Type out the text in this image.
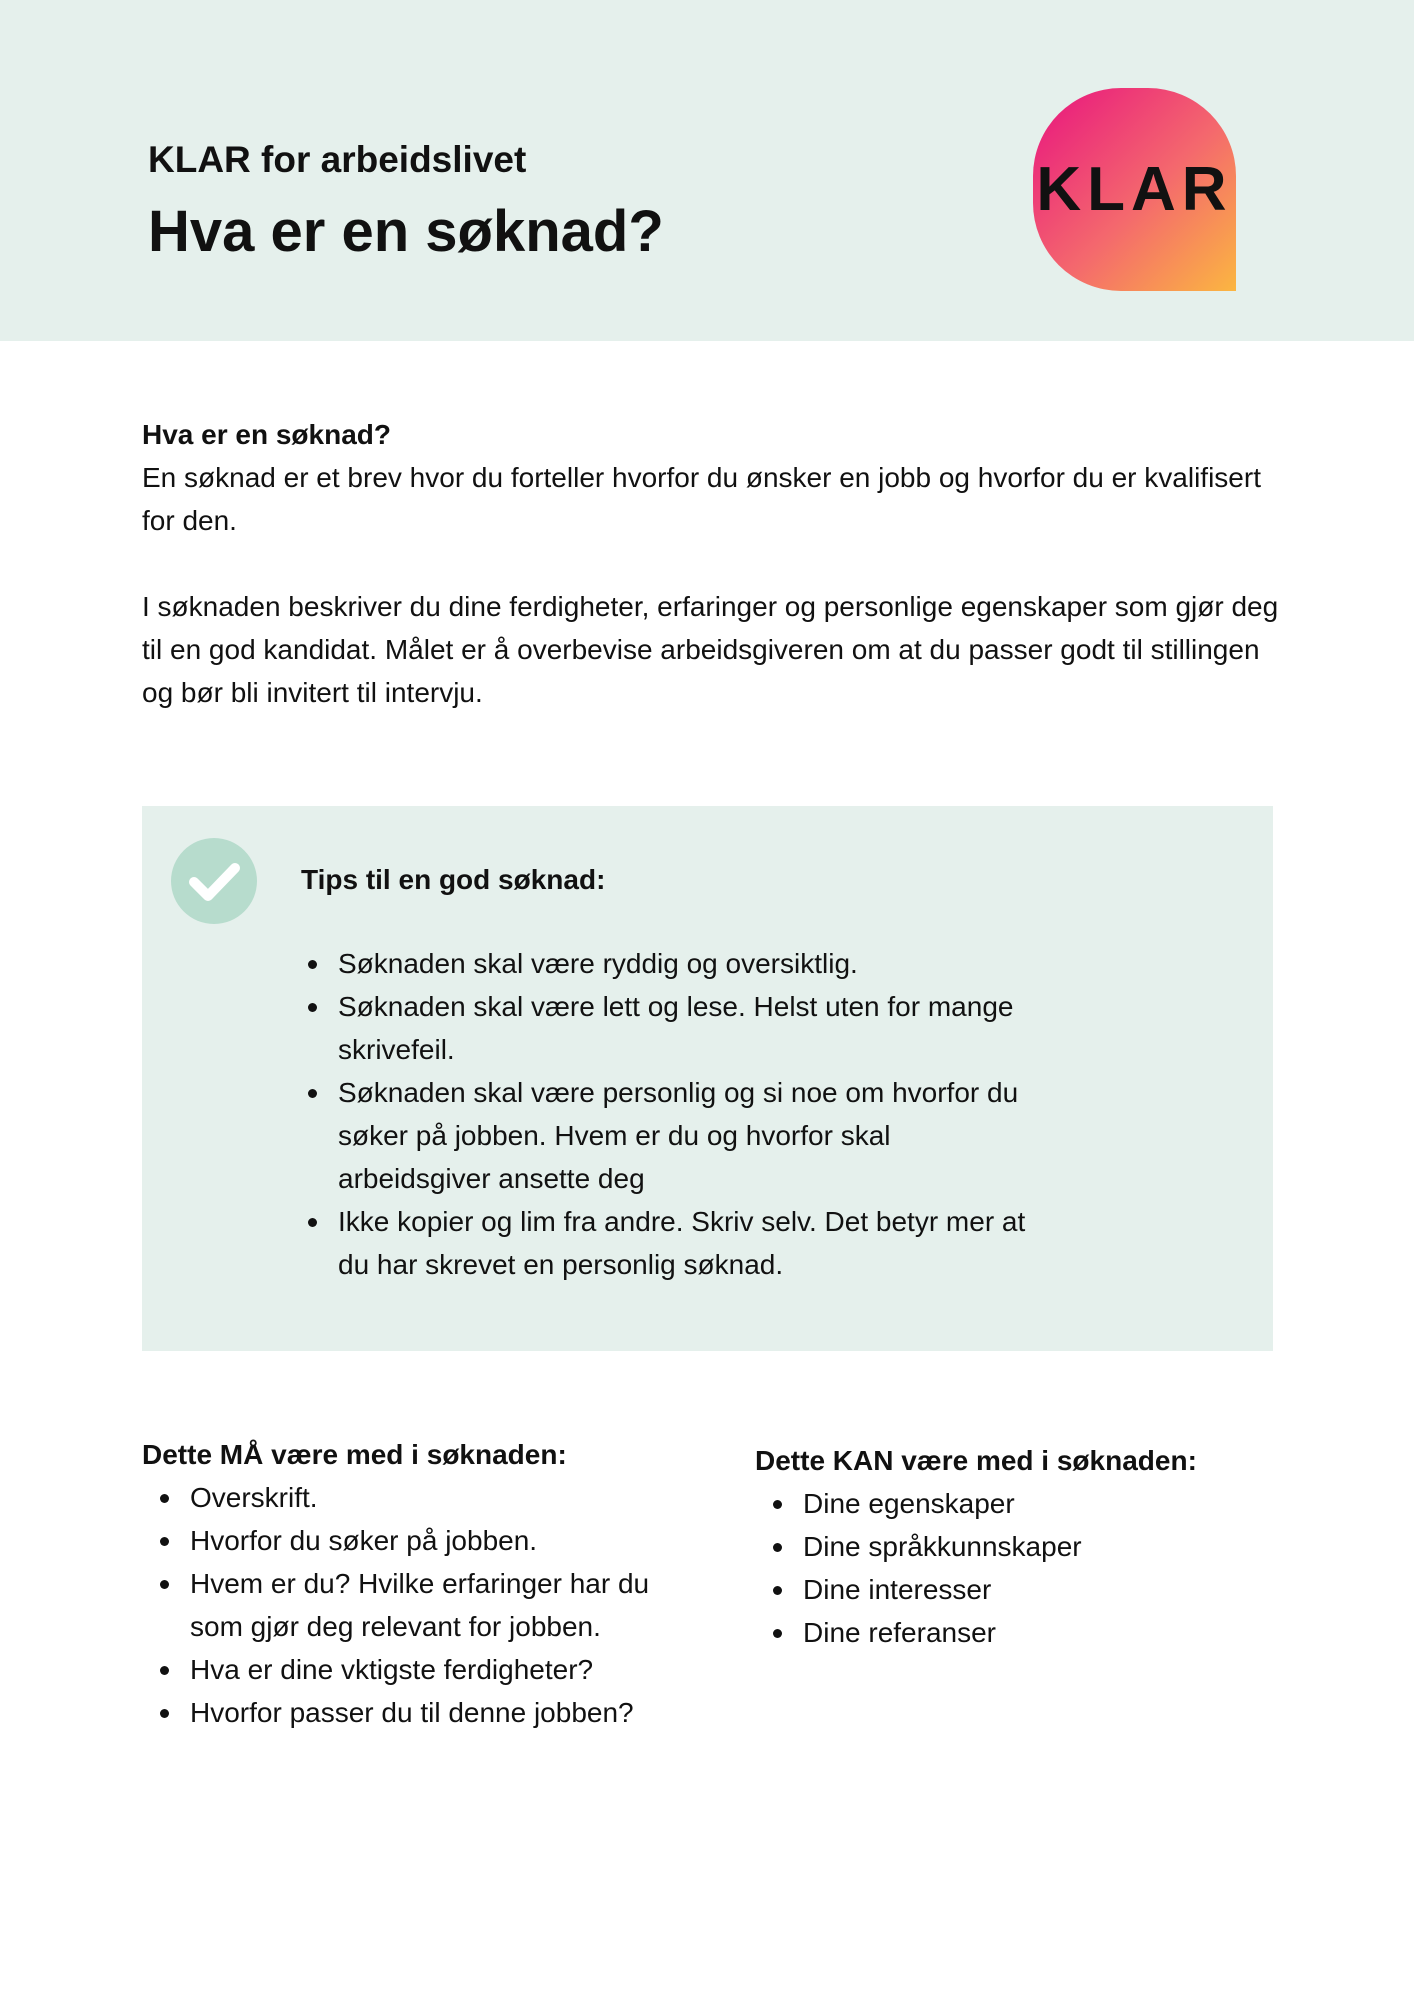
KLAR for arbeidslivet
Hva er en søknad?
KLAR

Hva er en søknad?

En søknad er et brev hvor du forteller hvorfor du ønsker en jobb og hvorfor du er kvalifisert for den.

I søknaden beskriver du dine ferdigheter, erfaringer og personlige egenskaper som gjør deg til en god kandidat. Målet er å overbevise arbeidsgiveren om at du passer godt til stillingen og bør bli invitert til intervju.

Tips til en god søknad:

Søknaden skal være ryddig og oversiktlig.
Søknaden skal være lett og lese. Helst uten for mange skrivefeil.
Søknaden skal være personlig og si noe om hvorfor du søker på jobben. Hvem er du og hvorfor skal arbeidsgiver ansette deg
Ikke kopier og lim fra andre. Skriv selv. Det betyr mer at du har skrevet en personlig søknad.

Dette MÅ være med i søknaden:

Overskrift.
Hvorfor du søker på jobben.
Hvem er du? Hvilke erfaringer har du som gjør deg relevant for jobben.
Hva er dine vktigste ferdigheter?
Hvorfor passer du til denne jobben?

Dette KAN være med i søknaden:

Dine egenskaper
Dine språkkunnskaper
Dine interesser
Dine referanser
